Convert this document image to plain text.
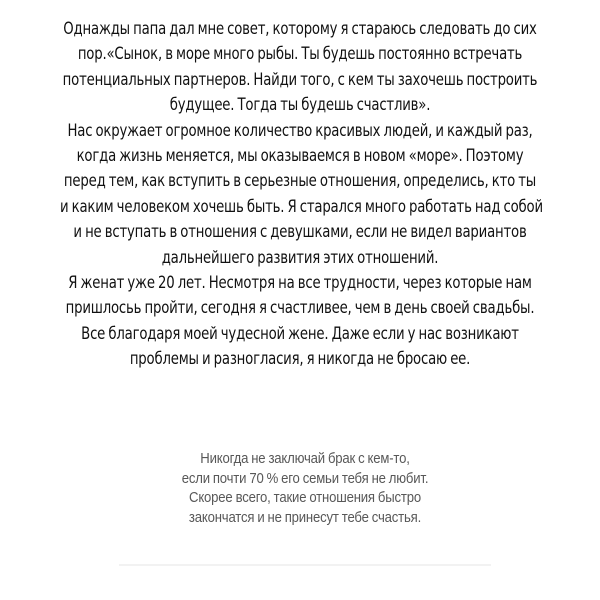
Однажды папа дал мне совет, которому я стараюсь следовать до сих
пор.«Сынок, в море много рыбы. Ты будешь постоянно встречать
потенциальных партнеров. Найди того, с кем ты захочешь построить
будущее. Тогда ты будешь счастлив».
Нас окружает огромное количество красивых людей, и каждый раз,
когда жизнь меняется, мы оказываемся в новом «море». Поэтому
перед тем, как вступить в серьезные отношения, определись, кто ты
и каким человеком хочешь быть. Я старался много работать над собой
и не вступать в отношения с девушками, если не видел вариантов
дальнейшего развития этих отношений.
Я женат уже 20 лет. Несмотря на все трудности, через которые нам
пришлосьь пройти, сегодня я счастливее, чем в день своей свадьбы.
Все благодаря моей чудесной жене. Даже если у нас возникают
проблемы и разногласия, я никогда не бросаю ее.
Никогда не заключай брак с кем-то,
если почти 70 % его семьи тебя не любит.
Скорее всего, такие отношения быстро
закончатся и не принесут тебе счастья.
